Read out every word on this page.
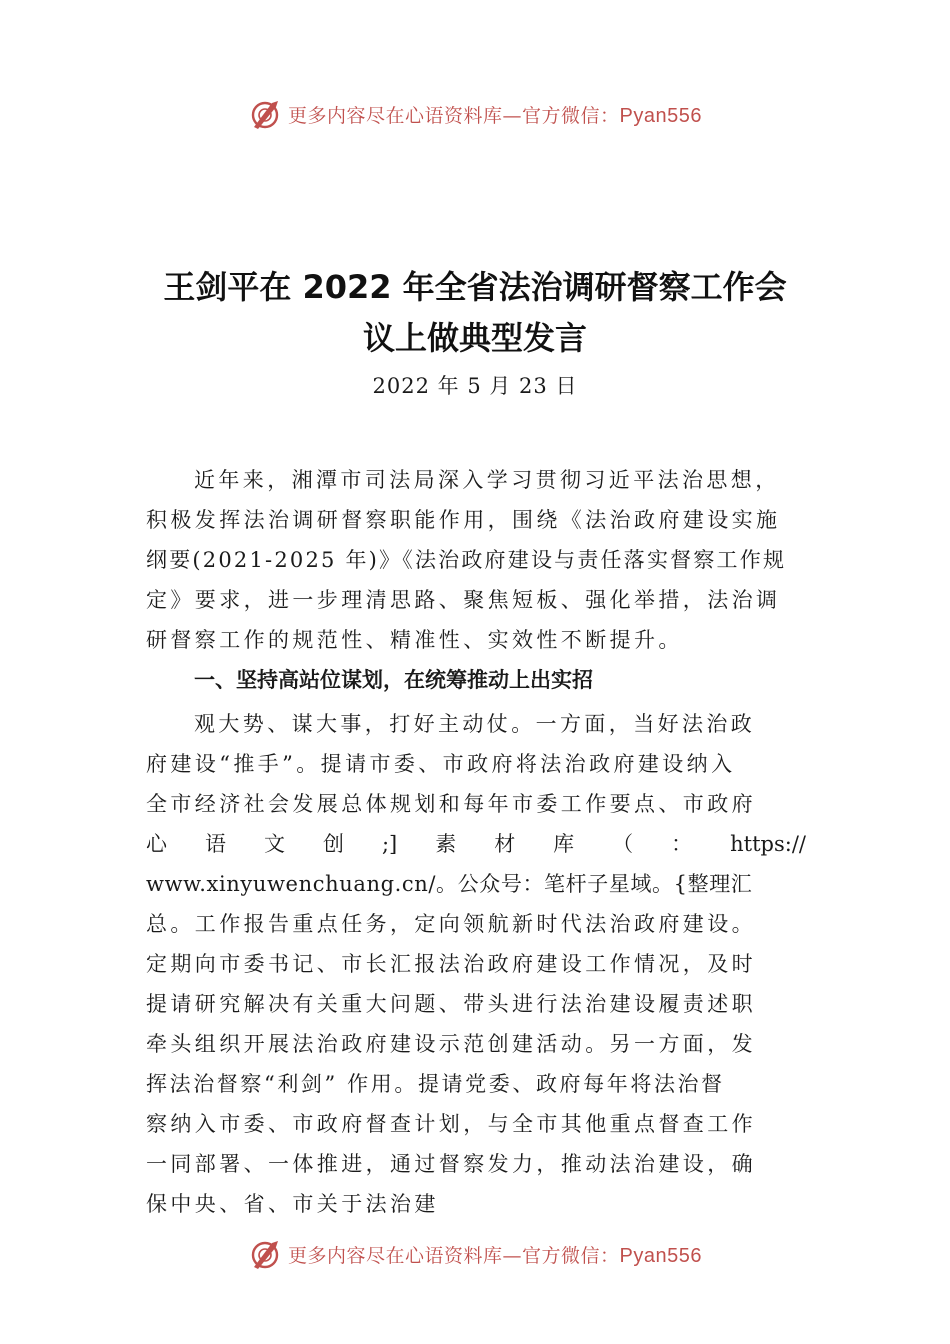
更多内容尽在心语资料库—官方微信：Pyan556
王剑平在 2022 年全省法治调研督察工作会
议上做典型发言
2022 年 5 月 23 日
近年来，湘潭市司法局深入学习贯彻习近平法治思想，
积极发挥法治调研督察职能作用，围绕《法治政府建设实施
纲要(2021-2025 年)》《法治政府建设与责任落实督察工作规
定》要求，进一步理清思路、聚焦短板、强化举措，法治调
研督察工作的规范性、精准性、实效性不断提升。
一、坚持高站位谋划，在统筹推动上出实招
观大势、谋大事，打好主动仗。一方面，当好法治政
府建设“推手”。提请市委、市政府将法治政府建设纳入
全市经济社会发展总体规划和每年市委工作要点、市政府
心 语 文 创 ;] 素 材 库 （ ： https://
www.xinyuwenchuang.cn/。公众号：笔杆子星域。{整理汇
总。工作报告重点任务，定向领航新时代法治政府建设。
定期向市委书记、市长汇报法治政府建设工作情况，及时
提请研究解决有关重大问题、带头进行法治建设履责述职
牵头组织开展法治政府建设示范创建活动。另一方面，发
挥法治督察“利剑” 作用。提请党委、政府每年将法治督
察纳入市委、市政府督查计划，与全市其他重点督查工作
一同部署、一体推进，通过督察发力，推动法治建设，确
保中央、省、市关于法治建
更多内容尽在心语资料库—官方微信：Pyan556
